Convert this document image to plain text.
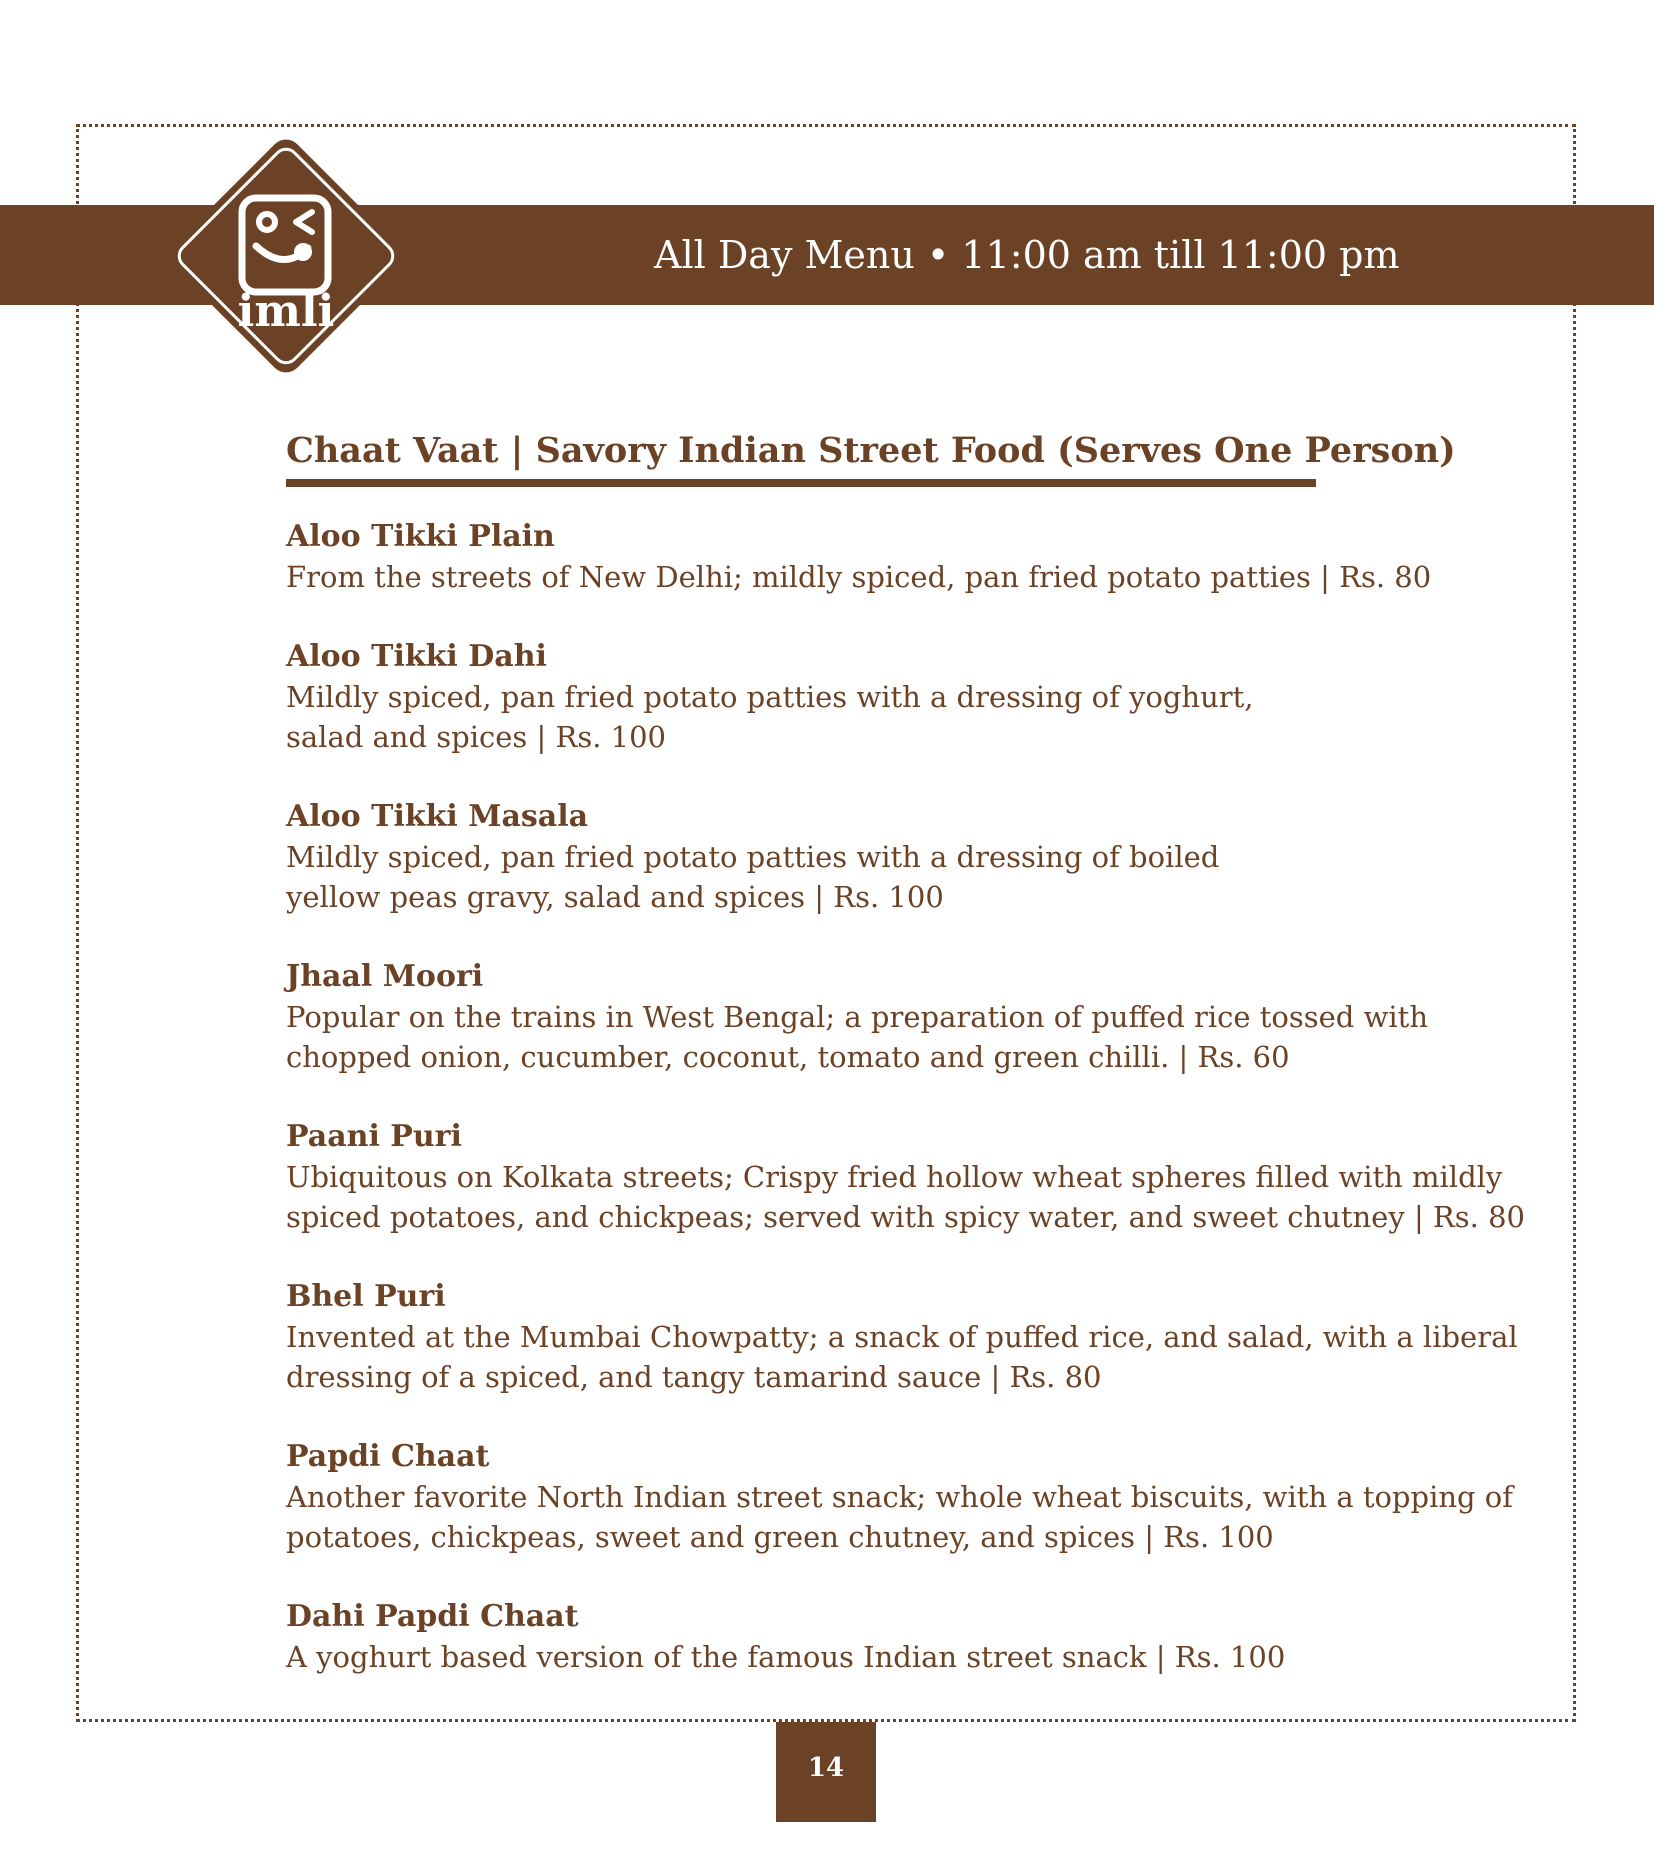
All Day Menu • 11:00 am till 11:00 pm
imli
Chaat Vaat | Savory Indian Street Food (Serves One Person)
Aloo Tikki Plain
From the streets of New Delhi; mildly spiced, pan fried potato patties | Rs. 80
Aloo Tikki Dahi
Mildly spiced, pan fried potato patties with a dressing of yoghurt,
salad and spices | Rs. 100
Aloo Tikki Masala
Mildly spiced, pan fried potato patties with a dressing of boiled
yellow peas gravy, salad and spices | Rs. 100
Jhaal Moori
Popular on the trains in West Bengal; a preparation of puffed rice tossed with
chopped onion, cucumber, coconut, tomato and green chilli. | Rs. 60
Paani Puri
Ubiquitous on Kolkata streets; Crispy fried hollow wheat spheres filled with mildly
spiced potatoes, and chickpeas; served with spicy water, and sweet chutney | Rs. 80
Bhel Puri
Invented at the Mumbai Chowpatty; a snack of puffed rice, and salad, with a liberal
dressing of a spiced, and tangy tamarind sauce | Rs. 80
Papdi Chaat
Another favorite North Indian street snack; whole wheat biscuits, with a topping of
potatoes, chickpeas, sweet and green chutney, and spices | Rs. 100
Dahi Papdi Chaat
A yoghurt based version of the famous Indian street snack | Rs. 100
14
